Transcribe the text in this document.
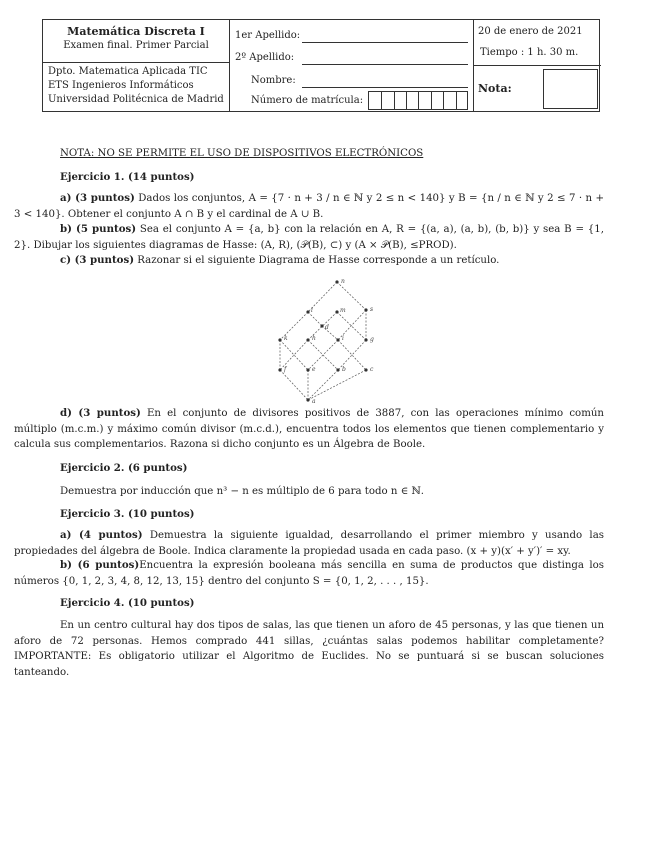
Matemática Discreta I
Examen final. Primer Parcial
Dpto. Matematica Aplicada TIC
ETS Ingenieros Informáticos
Universidad Politécnica de Madrid
1er Apellido:
2º Apellido:
Nombre:
Número de matrícula:
20 de enero de 2021
Tiempo : 1 h. 30 m.
Nota:
NOTA: NO SE PERMITE EL USO DE DISPOSITIVOS ELECTRÓNICOS
Ejercicio 1. (14 puntos)
a) (3 puntos) Dados los conjuntos, A = {7 · n + 3 / n ∈ ℕ y 2 ≤ n < 140} y B = {n / n ∈ ℕ y 2 ≤ 7 · n + 3 < 140}. Obtener el conjunto A ∩ B y el cardinal de A ∪ B.
b) (5 puntos) Sea el conjunto A = {a, b} con la relación en A, R = {(a, a), (a, b), (b, b)} y sea B = {1, 2}. Dibujar los siguientes diagramas de Hasse: (A, R), (𝒫(B), ⊂) y (A × 𝒫(B), ≤PROD).
c) (3 puntos) Razonar si el siguiente Diagrama de Hasse corresponde a un retículo.
d) (3 puntos) En el conjunto de divisores positivos de 3887, con las operaciones mínimo común múltiplo (m.c.m.) y máximo común divisor (m.c.d.), encuentra todos los elementos que tienen complementario y calcula sus complementarios. Razona si dicho conjunto es un Álgebra de Boole.
Ejercicio 2. (6 puntos)
Demuestra por inducción que n³ − n es múltiplo de 6 para todo n ∈ ℕ.
Ejercicio 3. (10 puntos)
a) (4 puntos) Demuestra la siguiente igualdad, desarrollando el primer miembro y usando las propiedades del álgebra de Boole. Indica claramente la propiedad usada en cada paso. (x + y)(x′ + y′)′ = xy.
b) (6 puntos)Encuentra la expresión booleana más sencilla en suma de productos que distinga los números {0, 1, 2, 3, 4, 8, 12, 13, 15} dentro del conjunto S = {0, 1, 2, . . . , 15}.
Ejercicio 4. (10 puntos)
En un centro cultural hay dos tipos de salas, las que tienen un aforo de 45 personas, y las que tienen un aforo de 72 personas. Hemos comprado 441 sillas, ¿cuántas salas podemos habilitar completamente? IMPORTANTE: Es obligatorio utilizar el Algoritmo de Euclides. No se puntuará si se buscan soluciones tanteando.
n
l	m	s
k	h	i	g
f	e
a
b	c
d
